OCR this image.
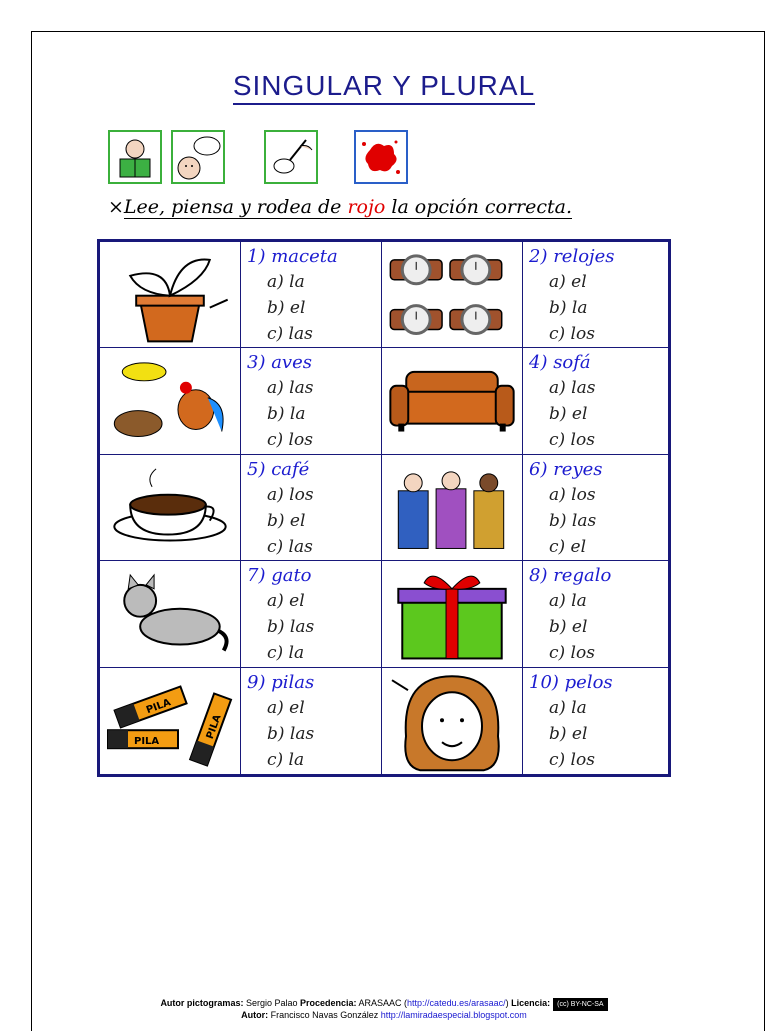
SINGULAR Y PLURAL
×Lee, piensa y rodea de rojo la opción correcta.
1) maceta
a) la
b) el
c) las
2) relojes
a) el
b) la
c) los
3) aves
a) las
b) la
c) los
4) sofá
a) las
b) el
c) los
5) café
a) los
b) el
c) las
6) reyes
a) los
b) las
c) el
7) gato
a) el
b) las
c) la
8) regalo
a) la
b) el
c) los
PILA
PILA
PILA
9) pilas
a) el
b) las
c) la
10) pelos
a) la
b) el
c) los
Autor pictogramas: Sergio Palao Procedencia: ARASAAC (http://catedu.es/arasaac/) Licencia: (cc) BY-NC-SA
Autor: Francisco Navas González http://lamiradaespecial.blogspot.com
